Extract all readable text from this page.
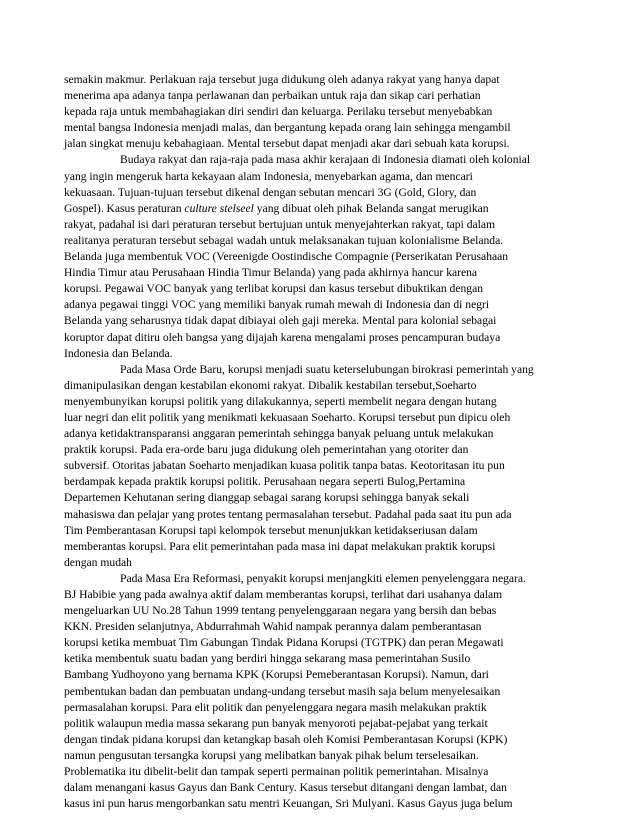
semakin makmur. Perlakuan raja tersebut juga didukung oleh adanya rakyat yang hanya dapat
menerima apa adanya tanpa perlawanan dan perbaikan untuk raja dan sikap cari perhatian
kepada raja untuk membahagiakan diri sendiri dan keluarga. Perilaku tersebut menyebabkan
mental bangsa Indonesia menjadi malas, dan bergantung kepada orang lain sehingga mengambil
jalan singkat menuju kebahagiaan. Mental tersebut dapat menjadi akar dari sebuah kata korupsi.
Budaya rakyat dan raja-raja pada masa akhir kerajaan di Indonesia diamati oleh kolonial
yang ingin mengeruk harta kekayaan alam Indonesia, menyebarkan agama, dan mencari
kekuasaan. Tujuan-tujuan tersebut dikenal dengan sebutan mencari 3G (Gold, Glory, dan
Gospel). Kasus peraturan culture stelseel yang dibuat oleh pihak Belanda sangat merugikan
rakyat, padahal isi dari peraturan tersebut bertujuan untuk menyejahterkan rakyat, tapi dalam
realitanya peraturan tersebut sebagai wadah untuk melaksanakan tujuan kolonialisme Belanda.
Belanda juga membentuk VOC (Vereenigde Oostindische Compagnie (Perserikatan Perusahaan
Hindia Timur atau Perusahaan Hindia Timur Belanda) yang pada akhirnya hancur karena
korupsi. Pegawai VOC banyak yang terlibat korupsi dan kasus tersebut dibuktikan dengan
adanya pegawai tinggi VOC yang memiliki banyak rumah mewah di Indonesia dan di negri
Belanda yang seharusnya tidak dapat dibiayai oleh gaji mereka. Mental para kolonial sebagai
koruptor dapat ditiru oleh bangsa yang dijajah karena mengalami proses pencampuran budaya
Indonesia dan Belanda.
Pada Masa Orde Baru, korupsi menjadi suatu keterselubungan birokrasi pemerintah yang
dimanipulasikan dengan kestabilan ekonomi rakyat. Dibalik kestabilan tersebut,Soeharto
menyembunyikan korupsi politik yang dilakukannya, seperti membelit negara dengan hutang
luar negri dan elit politik yang menikmati kekuasaan Soeharto. Korupsi tersebut pun dipicu oleh
adanya ketidaktransparansi anggaran pemerintah sehingga banyak peluang untuk melakukan
praktik korupsi. Pada era-orde baru juga didukung oleh pemerintahan yang otoriter dan
subversif. Otoritas jabatan Soeharto menjadikan kuasa politik tanpa batas. Keotoritasan itu pun
berdampak kepada praktik korupsi politik. Perusahaan negara seperti Bulog,Pertamina
Departemen Kehutanan sering dianggap sebagai sarang korupsi sehingga banyak sekali
mahasiswa dan pelajar yang protes tentang permasalahan tersebut. Padahal pada saat itu pun ada
Tim Pemberantasan Korupsi tapi kelompok tersebut menunjukkan ketidakseriusan dalam
memberantas korupsi. Para elit pemerintahan pada masa ini dapat melakukan praktik korupsi
dengan mudah
Pada Masa Era Reformasi, penyakit korupsi menjangkiti elemen penyelenggara negara.
BJ Habibie yang pada awalnya aktif dalam memberantas korupsi, terlihat dari usahanya dalam
mengeluarkan UU No.28 Tahun 1999 tentang penyelenggaraan negara yang bersih dan bebas
KKN. Presiden selanjutnya, Abdurrahmah Wahid nampak perannya dalam pemberantasan
korupsi ketika membuat Tim Gabungan Tindak Pidana Korupsi (TGTPK) dan peran Megawati
ketika membentuk suatu badan yang berdiri hingga sekarang masa pemerintahan Susilo
Bambang Yudhoyono yang bernama KPK (Korupsi Pemeberantasan Korupsi). Namun, dari
pembentukan badan dan pembuatan undang-undang tersebut masih saja belum menyelesaikan
permasalahan korupsi. Para elit politik dan penyelenggara negara masih melakukan praktik
politik walaupun media massa sekarang pun banyak menyoroti pejabat-pejabat yang terkait
dengan tindak pidana korupsi dan ketangkap basah oleh Komisi Pemberantasan Korupsi (KPK)
namun pengusutan tersangka korupsi yang melibatkan banyak pihak belum terselesaikan.
Problematika itu dibelit-belit dan tampak seperti permainan politik pemerintahan. Misalnya
dalam menangani kasus Gayus dan Bank Century. Kasus tersebut ditangani dengan lambat, dan
kasus ini pun harus mengorbankan satu mentri Keuangan, Sri Mulyani. Kasus Gayus juga belum
